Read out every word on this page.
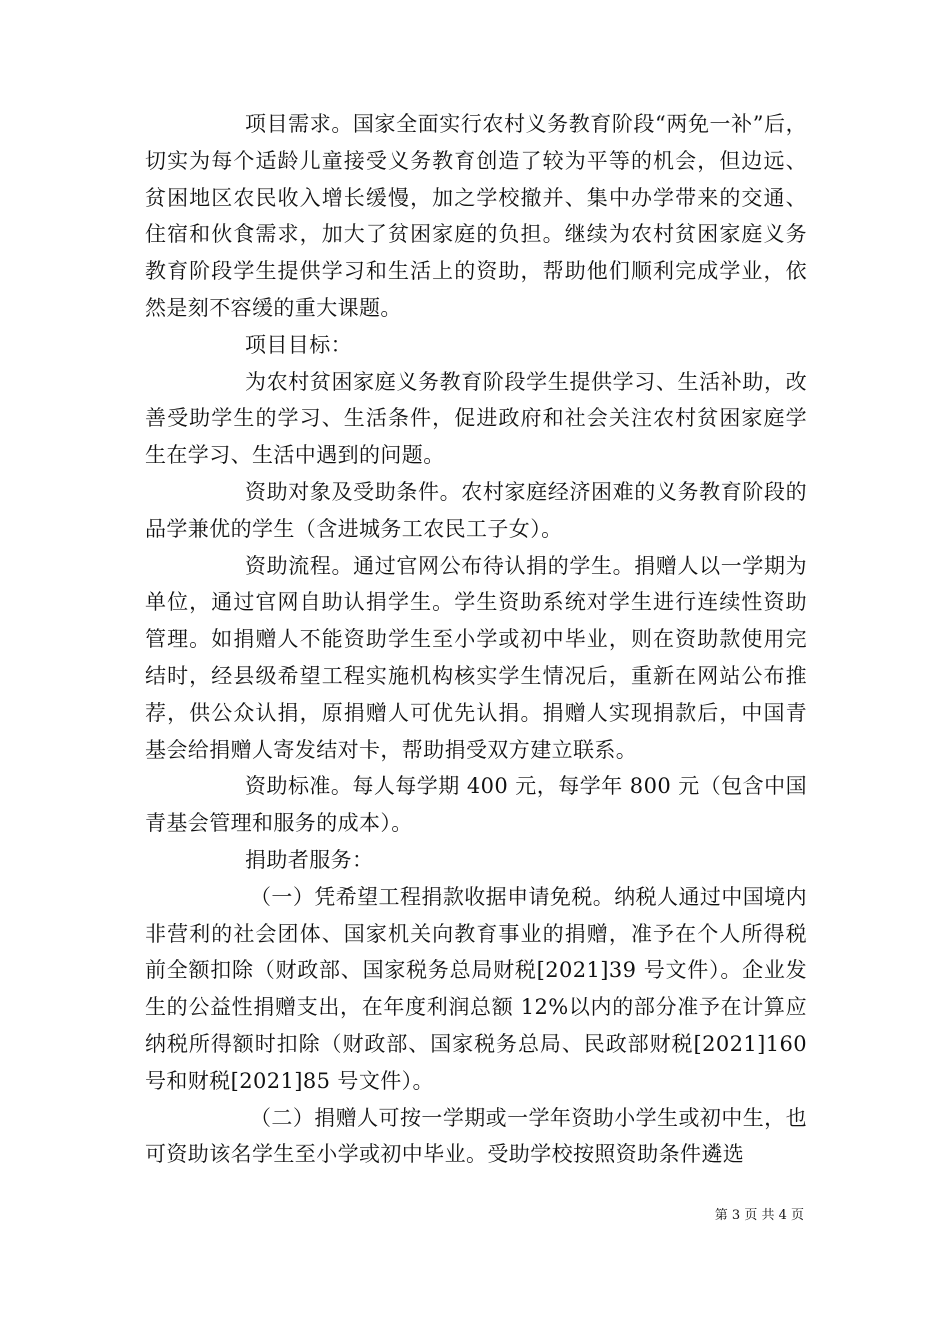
项目需求。国家全面实行农村义务教育阶段“两免一补”后，切实为每个适龄儿童接受义务教育创造了较为平等的机会，但边远、贫困地区农民收入增长缓慢，加之学校撤并、集中办学带来的交通、住宿和伙食需求，加大了贫困家庭的负担。继续为农村贫困家庭义务教育阶段学生提供学习和生活上的资助，帮助他们顺利完成学业，依然是刻不容缓的重大课题。

项目目标：

为农村贫困家庭义务教育阶段学生提供学习、生活补助，改善受助学生的学习、生活条件，促进政府和社会关注农村贫困家庭学生在学习、生活中遇到的问题。

资助对象及受助条件。农村家庭经济困难的义务教育阶段的品学兼优的学生（含进城务工农民工子女）。

资助流程。通过官网公布待认捐的学生。捐赠人以一学期为单位，通过官网自助认捐学生。学生资助系统对学生进行连续性资助管理。如捐赠人不能资助学生至小学或初中毕业，则在资助款使用完结时，经县级希望工程实施机构核实学生情况后，重新在网站公布推荐，供公众认捐，原捐赠人可优先认捐。捐赠人实现捐款后，中国青基会给捐赠人寄发结对卡，帮助捐受双方建立联系。

资助标准。每人每学期 400 元，每学年 800 元（包含中国青基会管理和服务的成本）。

捐助者服务：

（一）凭希望工程捐款收据申请免税。纳税人通过中国境内非营利的社会团体、国家机关向教育事业的捐赠，准予在个人所得税前全额扣除（财政部、国家税务总局财税[2021]39 号文件）。企业发生的公益性捐赠支出，在年度利润总额 12%以内的部分准予在计算应纳税所得额时扣除（财政部、国家税务总局、民政部财税[2021]160 号和财税[2021]85 号文件）。

（二）捐赠人可按一学期或一学年资助小学生或初中生，也可资助该名学生至小学或初中毕业。受助学校按照资助条件遴选

第 3 页 共 4 页
